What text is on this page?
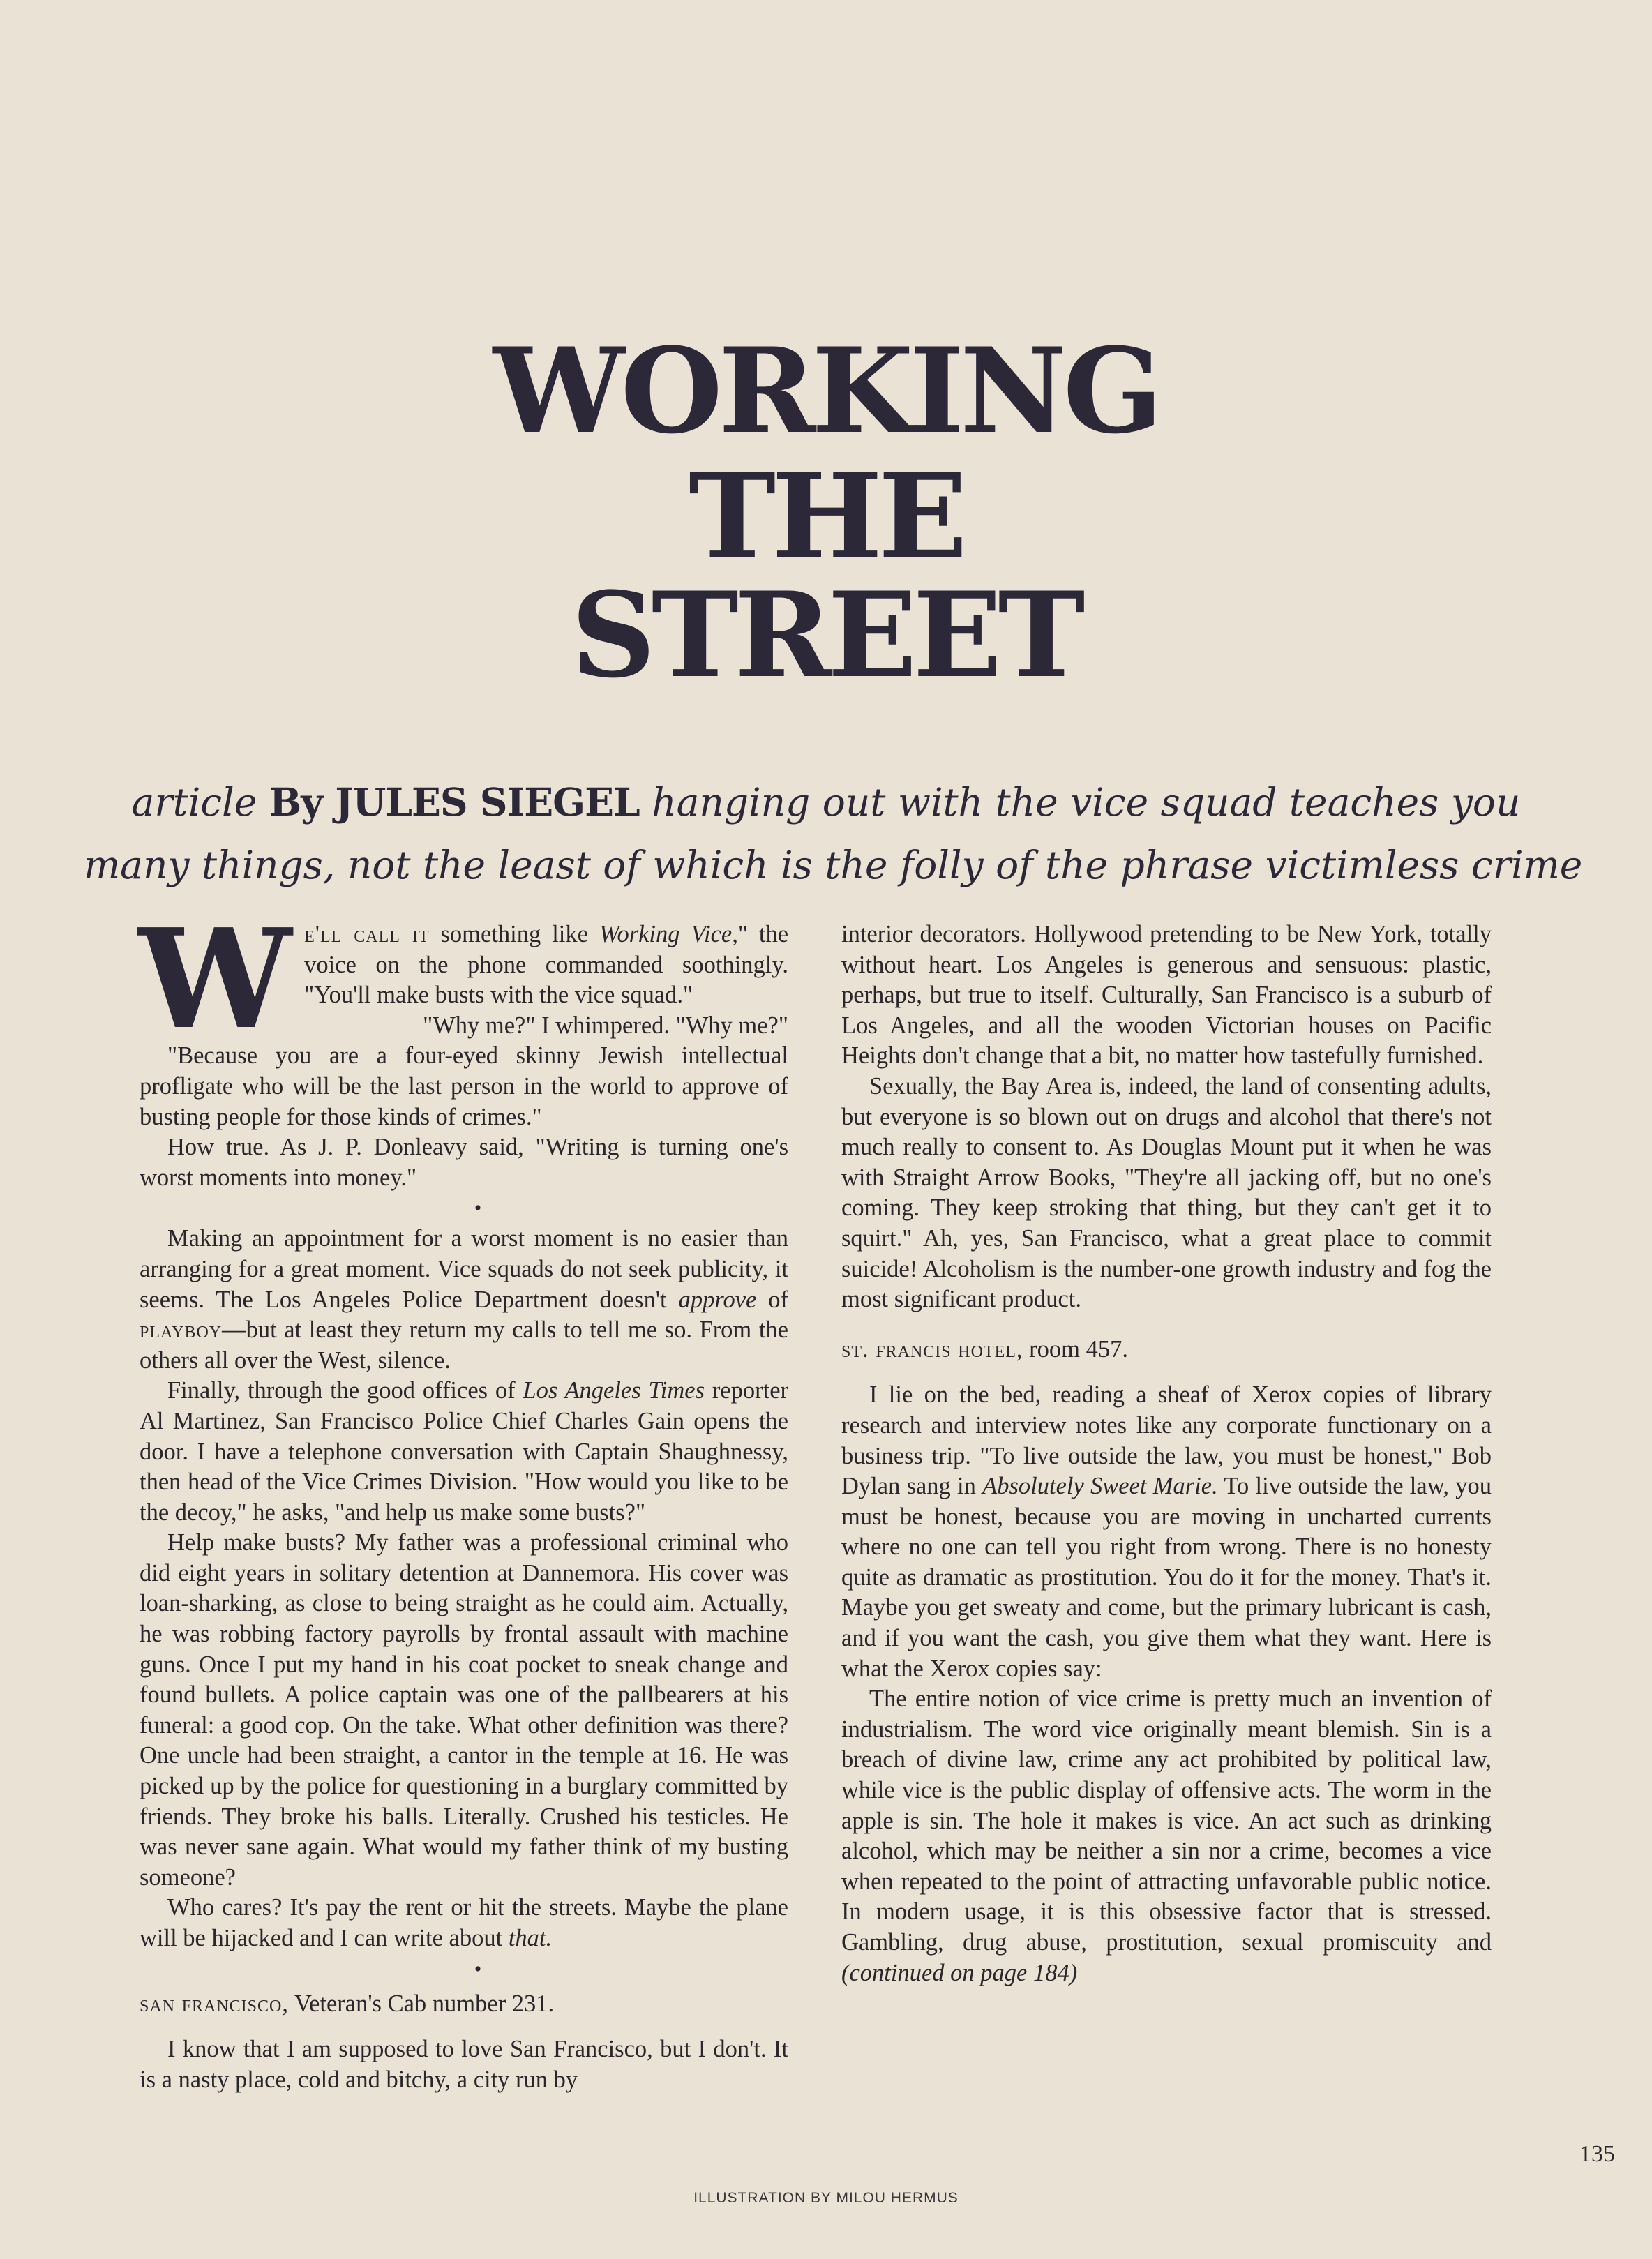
WORKING
THE
STREET
article By JULES SIEGEL hanging out with the vice squad teaches you
many things, not the least of which is the folly of the phrase victimless crime

We'll call it something like Working Vice," the voice on the phone commanded soothingly. "You'll make busts with the vice squad."

"Why me?" I whimpered. "Why me?"

"Because you are a four-eyed skinny Jewish intellectual profligate who will be the last person in the world to approve of busting people for those kinds of crimes."

How true. As J. P. Donleavy said, "Writing is turning one's worst moments into money."

•

Making an appointment for a worst moment is no easier than arranging for a great moment. Vice squads do not seek publicity, it seems. The Los Angeles Police Department doesn't approve of playboy—but at least they return my calls to tell me so. From the others all over the West, silence.

Finally, through the good offices of Los Angeles Times reporter Al Martinez, San Francisco Police Chief Charles Gain opens the door. I have a telephone conversation with Captain Shaughnessy, then head of the Vice Crimes Division. "How would you like to be the decoy," he asks, "and help us make some busts?"

Help make busts? My father was a professional criminal who did eight years in solitary detention at Dannemora. His cover was loan-sharking, as close to being straight as he could aim. Actually, he was robbing factory payrolls by frontal assault with machine guns. Once I put my hand in his coat pocket to sneak change and found bullets. A police captain was one of the pallbearers at his funeral: a good cop. On the take. What other definition was there? One uncle had been straight, a cantor in the temple at 16. He was picked up by the police for questioning in a burglary committed by friends. They broke his balls. Literally. Crushed his testicles. He was never sane again. What would my father think of my busting someone?

Who cares? It's pay the rent or hit the streets. Maybe the plane will be hijacked and I can write about that.

•

san francisco, Veteran's Cab number 231.

I know that I am supposed to love San Francisco, but I don't. It is a nasty place, cold and bitchy, a city run by

interior decorators. Hollywood pretending to be New York, totally without heart. Los Angeles is generous and sensuous: plastic, perhaps, but true to itself. Culturally, San Francisco is a suburb of Los Angeles, and all the wooden Victorian houses on Pacific Heights don't change that a bit, no matter how tastefully furnished.

Sexually, the Bay Area is, indeed, the land of consenting adults, but everyone is so blown out on drugs and alcohol that there's not much really to consent to. As Douglas Mount put it when he was with Straight Arrow Books, "They're all jacking off, but no one's coming. They keep stroking that thing, but they can't get it to squirt." Ah, yes, San Francisco, what a great place to commit suicide! Alcoholism is the number-one growth industry and fog the most significant product.

st. francis hotel, room 457.

I lie on the bed, reading a sheaf of Xerox copies of library research and interview notes like any corporate functionary on a business trip. "To live outside the law, you must be honest," Bob Dylan sang in Absolutely Sweet Marie. To live outside the law, you must be honest, because you are moving in uncharted currents where no one can tell you right from wrong. There is no honesty quite as dramatic as prostitution. You do it for the money. That's it. Maybe you get sweaty and come, but the primary lubricant is cash, and if you want the cash, you give them what they want. Here is what the Xerox copies say:

The entire notion of vice crime is pretty much an invention of industrialism. The word vice originally meant blemish. Sin is a breach of divine law, crime any act prohibited by political law, while vice is the public display of offensive acts. The worm in the apple is sin. The hole it makes is vice. An act such as drinking alcohol, which may be neither a sin nor a crime, becomes a vice when repeated to the point of attracting unfavorable public notice. In modern usage, it is this obsessive factor that is stressed. Gambling, drug abuse, prostitution, sexual promiscuity and (continued on page 184)

135
ILLUSTRATION BY MILOU HERMUS
